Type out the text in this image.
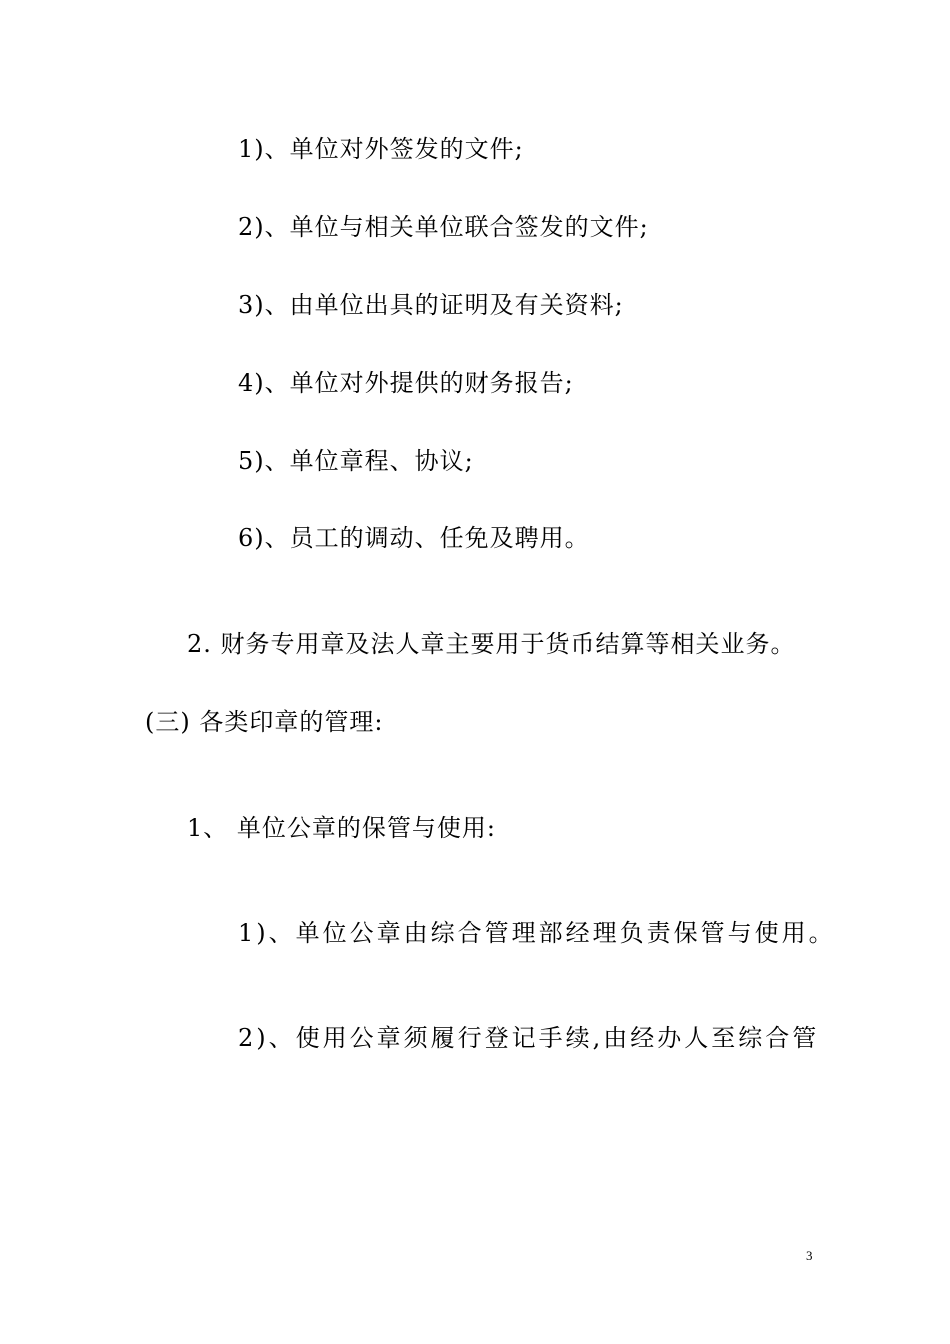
1)、单位对外签发的文件;
2)、单位与相关单位联合签发的文件;
3)、由单位出具的证明及有关资料;
4)、单位对外提供的财务报告;
5)、单位章程、协议;
6)、员工的调动、任免及聘用。
2. 财务专用章及法人章主要用于货币结算等相关业务。
(三) 各类印章的管理:
1、 单位公章的保管与使用:
1)、单位公章由综合管理部经理负责保管与使用。
2)、使用公章须履行登记手续,由经办人至综合管
3
